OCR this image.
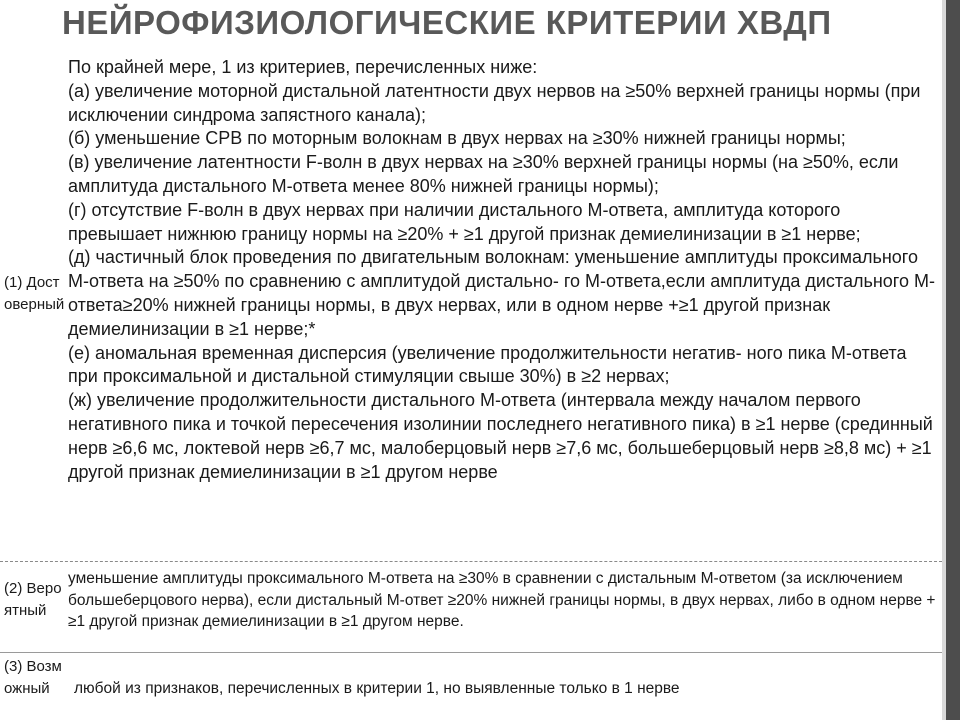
НЕЙРОФИЗИОЛОГИЧЕСКИЕ КРИТЕРИИ ХВДП
(1) Достоверный
По крайней мере, 1 из критериев, перечисленных ниже:
(а) увеличение моторной дистальной латентности двух нервов на ≥50% верхней границы нормы (при исключении синдрома запястного канала);
(б) уменьшение СРВ по моторным волокнам в двух нервах на ≥30% нижней границы нормы;
(в) увеличение латентности F-волн в двух нервах на ≥30% верхней границы нормы (на ≥50%, если амплитуда дистального М-ответа менее 80% нижней границы нормы);
(г) отсутствие F-волн в двух нервах при наличии дистального М-ответа, амплитуда которого превышает нижнюю границу нормы на ≥20% + ≥1 другой признак демиелинизации в ≥1 нерве;
(д) частичный блок проведения по двигательным волокнам: уменьшение амплитуды проксимального М-ответа на ≥50% по сравнению с амплитудой дистально- го М-ответа,если амплитуда дистального М-ответа≥20% нижней границы нормы, в двух нервах, или в одном нерве +≥1 другой признак демиелинизации в ≥1 нерве;*
(е) аномальная временная дисперсия (увеличение продолжительности негатив- ного пика М-ответа при проксимальной и дистальной стимуляции свыше 30%) в ≥2 нервах;
(ж) увеличение продолжительности дистального М-ответа (интервала между началом первого негативного пика и точкой пересечения изолинии последнего негативного пика) в ≥1 нерве (срединный нерв ≥6,6 мс, локтевой нерв ≥6,7 мс, малоберцовый нерв ≥7,6 мс, большеберцовый нерв ≥8,8 мс) + ≥1 другой признак демиелинизации в ≥1 другом нерве
(2) Вероятный
уменьшение амплитуды проксимального М-ответа на ≥30% в сравнении с дистальным М-ответом (за исключением большеберцового нерва), если дистальный М-ответ ≥20% нижней границы нормы, в двух нервах, либо в одном нерве + ≥1 другой признак демиелинизации в ≥1 другом нерве.
(3) Возможный	любой из признаков, перечисленных в критерии 1, но выявленные только в 1 нерве
